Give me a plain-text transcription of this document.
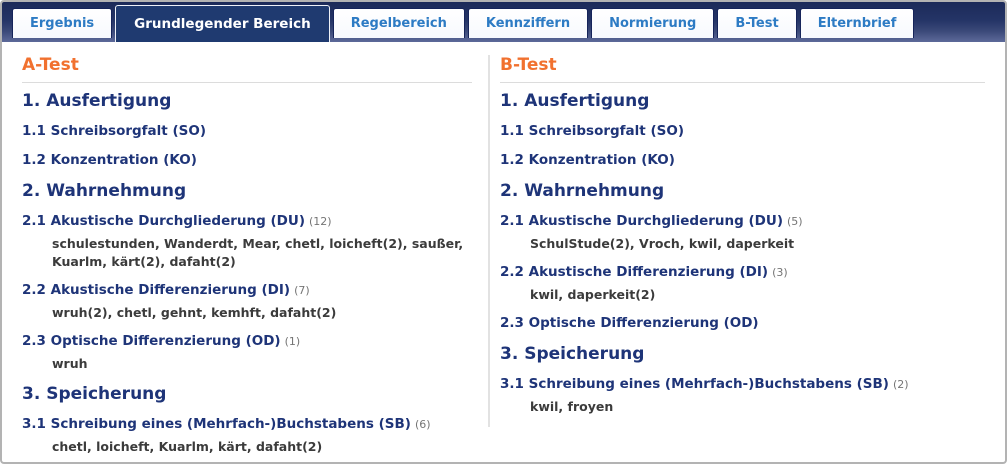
Ergebnis	Grundlegender Bereich	Regelbereich	Kennziffern	Normierung	B-Test	Elternbrief
A-Test
1. Ausfertigung
1.1 Schreibsorgfalt (SO)
1.2 Konzentration (KO)
2. Wahrnehmung
2.1 Akustische Durchgliederung (DU) (12)
schulestunden, Wanderdt, Mear, chetl, loicheft(2), saußer, Kuarlm, kärt(2), dafaht(2)
2.2 Akustische Differenzierung (DI) (7)
wruh(2), chetl, gehnt, kemhft, dafaht(2)
2.3 Optische Differenzierung (OD) (1)
wruh
3. Speicherung
3.1 Schreibung eines (Mehrfach-)Buchstabens (SB) (6)
chetl, loicheft, Kuarlm, kärt, dafaht(2)
B-Test
1. Ausfertigung
1.1 Schreibsorgfalt (SO)
1.2 Konzentration (KO)
2. Wahrnehmung
2.1 Akustische Durchgliederung (DU) (5)
SchulStude(2), Vroch, kwil, daperkeit
2.2 Akustische Differenzierung (DI) (3)
kwil, daperkeit(2)
2.3 Optische Differenzierung (OD)
3. Speicherung
3.1 Schreibung eines (Mehrfach-)Buchstabens (SB) (2)
kwil, froyen
